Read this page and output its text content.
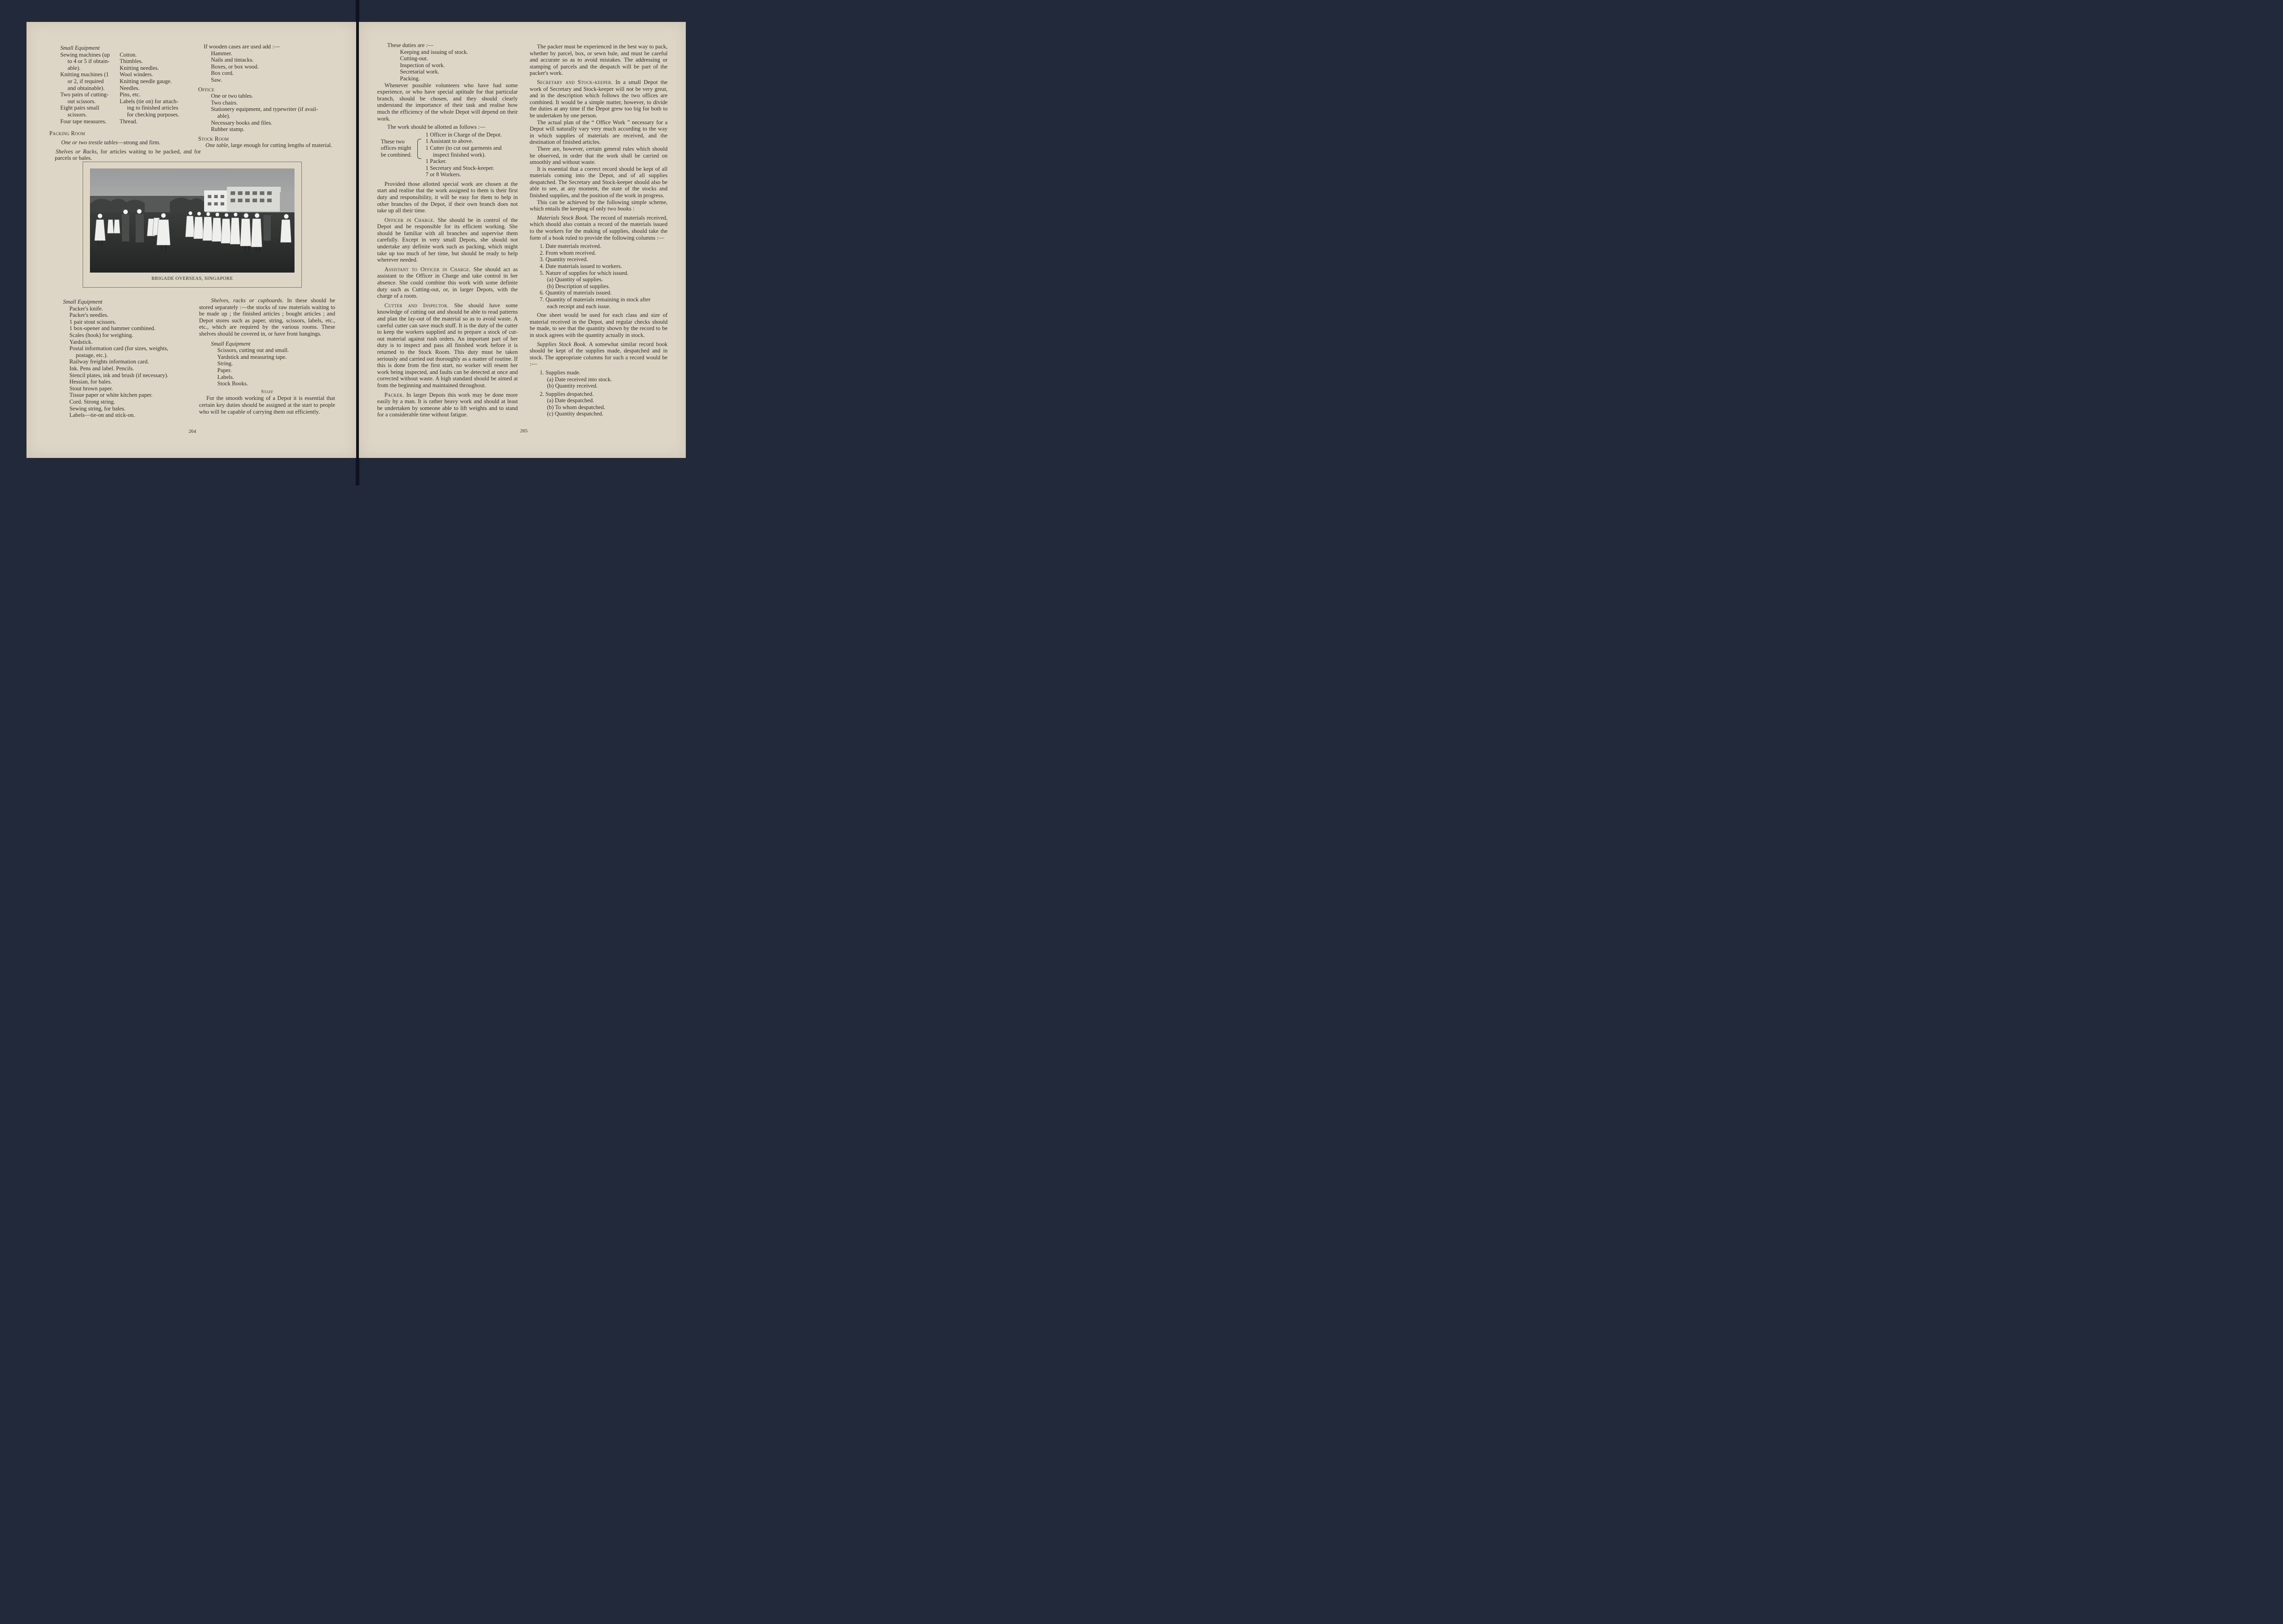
Small Equipment

Sewing machines (up

to 4 or 5 if obtain-

able).

Knitting machines (1

or 2, if required

and obtainable).

Two pairs of cutting-

out scissors.

Eight pairs small

scissors.

Four tape measures.

Cotton.

Thimbles.

Knitting needles.

Wool winders.

Knitting needle gauge.

Needles.

Pins, etc.

Labels (tie on) for attach-

ing to finished articles

for checking purposes.

Thread.

Packing Room

One or two trestle tables—strong and firm.

Shelves or Racks, for articles waiting to be packed, and for parcels or bales.

If wooden cases are used add :—

Hammer.

Nails and tintacks.

Boxes, or box wood.

Box cord.

Saw.

Office

One or two tables.

Two chairs.

Stationery equipment, and typewriter (if avail-

able).

Necessary books and files.

Rubber stamp.

Stock Room

One table, large enough for cutting lengths of material.

BRIGADE OVERSEAS, SINGAPORE

Small Equipment

Packer's knife.

Packer's needles.

1 pair stout scissors.

1 box-opener and hammer combined.

Scales (hook) for weighing.

Yardstick.

Postal information card (for sizes, weights, postage, etc.).

Railway freights information card.

Ink. Pens and label. Pencils.

Stencil plates, ink and brush (if necessary).

Hessian, for bales.

Stout brown paper.

Tissue paper or white kitchen paper.

Cord. Strong string.

Sewing string, for bales.

Labels—tie-on and stick-on.

Shelves, racks or cupboards. In these should be stored separately :—the stocks of raw materials waiting to be made up ; the finished articles ; bought articles ; and Depot stores such as paper, string, scissors, labels, etc., etc., which are required by the various rooms. These shelves should be covered in, or have front hangings.

Small Equipment

Scissors, cutting out and small.

Yardstick and measuring tape.

String.

Paper.

Labels.

Stock Books.

Staff

For the smooth working of a Depot it is essential that certain key duties should be assigned at the start to people who will be capable of carrying them out efficiently.

264

These duties are :—

Keeping and issuing of stock.

Cutting-out.

Inspection of work.

Secretarial work.

Packing.

Whenever possible volunteers who have had some experience, or who have special aptitude for that particular branch, should be chosen, and they should clearly understand the importance of their task and realise how much the efficiency of the whole Depot will depend on their work.

The work should be allotted as follows :—

These two

offices might

be combined.

1 Officer in Charge of the Depot.

1 Assistant to above.

1 Cutter (to cut out garments and

inspect finished work).

1 Packer.

1 Secretary and Stock-keeper.

7 or 8 Workers.

Provided those allotted special work are chosen at the start and realise that the work assigned to them is their first duty and responsibility, it will be easy for them to help in other branches of the Depot, if their own branch does not take up all their time.

Officer in Charge. She should be in control of the Depot and be responsible for its efficient working. She should be familiar with all branches and supervise them carefully. Except in very small Depots, she should not undertake any definite work such as packing, which might take up too much of her time, but should be ready to help wherever needed.

Assistant to Officer in Charge. She should act as assistant to the Officer in Charge and take control in her absence. She could combine this work with some definite duty such as Cutting-out, or, in larger Depots, with the charge of a room.

Cutter and Inspector. She should have some knowledge of cutting out and should be able to read patterns and plan the lay-out of the material so as to avoid waste. A careful cutter can save much stuff. It is the duty of the cutter to keep the workers supplied and to prepare a stock of cut-out material against rush orders. An important part of her duty is to inspect and pass all finished work before it is returned to the Stock Room. This duty must be taken seriously and carried out thoroughly as a matter of routine. If this is done from the first start, no worker will resent her work being inspected, and faults can be detected at once and corrected without waste. A high standard should be aimed at from the beginning and maintained throughout.

Packer. In larger Depots this work may be done more easily by a man. It is rather heavy work and should at least be undertaken by someone able to lift weights and to stand for a considerable time without fatigue.

The packer must be experienced in the best way to pack, whether by parcel, box, or sewn bale, and must be careful and accurate so as to avoid mistakes. The addressing or stamping of parcels and the despatch will be part of the packer's work.

Secretary and Stock-keeper. In a small Depot the work of Secretary and Stock-keeper will not be very great, and in the description which follows the two offices are combined. It would be a simple matter, however, to divide the duties at any time if the Depot grew too big for both to be undertaken by one person.

The actual plan of the “ Office Work ” necessary for a Depot will naturally vary very much according to the way in which supplies of materials are received, and the destination of finished articles.

There are, however, certain general rules which should be observed, in order that the work shall be carried on smoothly and without waste.

It is essential that a correct record should be kept of all materials coming into the Depot, and of all supplies despatched. The Secretary and Stock-keeper should also be able to see, at any moment, the state of the stocks and finished supplies, and the position of the work in progress.

This can be achieved by the following simple scheme, which entails the keeping of only two books :

Materials Stock Book. The record of materials received, which should also contain a record of the materials issued to the workers for the making of supplies, should take the form of a book ruled to provide the following columns :—

1. Date materials received.

2. From whom received.

3. Quantity received.

4. Date materials issued to workers.

5. Nature of supplies for which issued.

(a) Quantity of supplies.

(b) Description of supplies.

6. Quantity of materials issued.

7. Quantity of materials remaining in stock after

each receipt and each issue.

One sheet would be used for each class and size of material received in the Depot, and regular checks should be made, to see that the quantity shown by the record to be in stock agrees with the quantity actually in stock.

Supplies Stock Book. A somewhat similar record book should be kept of the supplies made, despatched and in stock. The appropriate columns for such a record would be :—

1. Supplies made.

(a) Date received into stock.

(b) Quantity received.

2. Supplies despatched.

(a) Date despatched.

(b) To whom despatched.

(c) Quantity despatched.

265
